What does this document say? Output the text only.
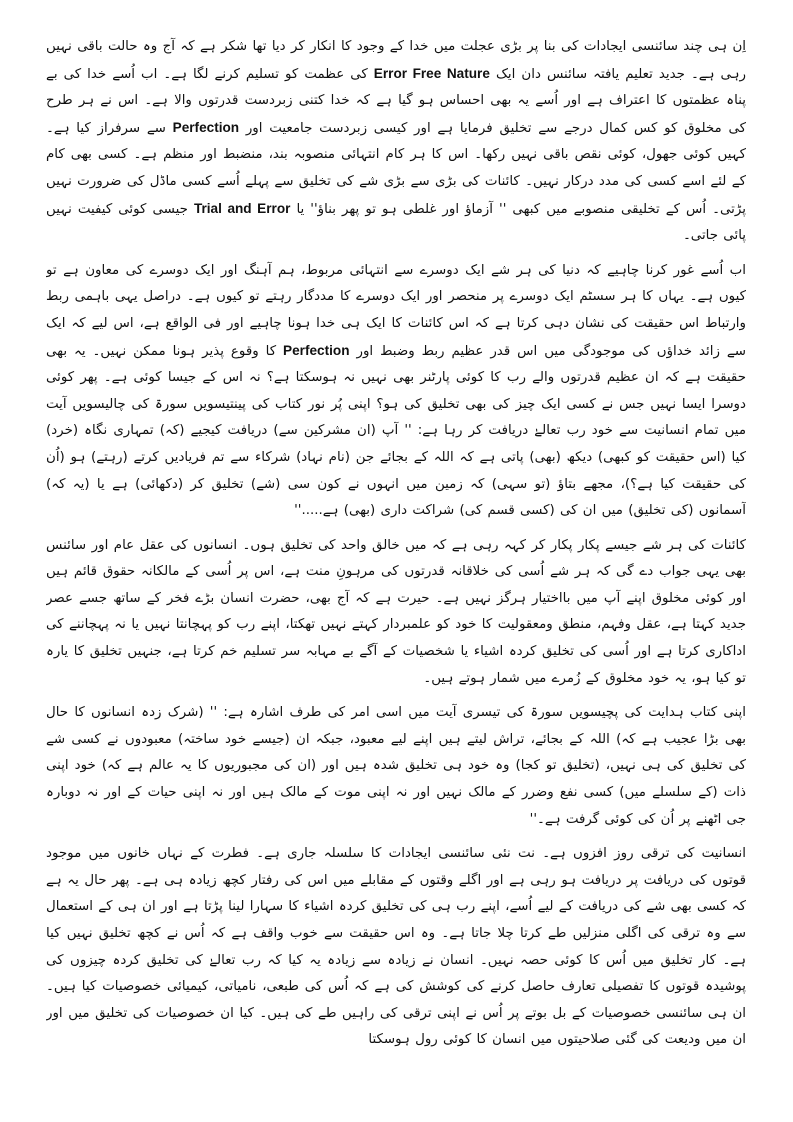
اِن ہی چند سائنسی ایجادات کی بنا پر بڑی عجلت میں خدا کے وجود کا انکار کر دیا تھا شکر ہے کہ آج وہ حالت باقی نہیں رہی ہے۔ جدید تعلیم یافتہ سائنس دان ایک Error Free Nature کی عظمت کو تسلیم کرنے لگا ہے۔ اب اُسے خدا کی بے پناہ عظمتوں کا اعتراف ہے اور اُسے یہ بھی احساس ہو گیا ہے کہ خدا کتنی زبردست قدرتوں والا ہے۔ اس نے ہر طرح کی مخلوق کو کس کمال درجے سے تخلیق فرمایا ہے اور کیسی زبردست جامعیت اور Perfection سے سرفراز کیا ہے۔ کہیں کوئی جھول، کوئی نقص باقی نہیں رکھا۔ اس کا ہر کام انتہائی منصوبہ بند، منضبط اور منظم ہے۔ کسی بھی کام کے لئے اسے کسی کی مدد درکار نہیں۔ کائنات کی بڑی سے بڑی شے کی تخلیق سے پہلے اُسے کسی ماڈل کی ضرورت نہیں پڑتی۔ اُس کے تخلیقی منصوبے میں کبھی '' آزماؤ اور غلطی ہو تو پھر بناؤ'' یا Trial and Error جیسی کوئی کیفیت نہیں پائی جاتی۔

اب اُسے غور کرنا چاہیے کہ دنیا کی ہر شے ایک دوسرے سے انتہائی مربوط، ہم آہنگ اور ایک دوسرے کی معاون ہے تو کیوں ہے۔ یہاں کا ہر سسٹم ایک دوسرے پر منحصر اور ایک دوسرے کا مددگار رہتے تو کیوں ہے۔ دراصل یہی باہمی ربط وارتباط اس حقیقت کی نشان دہی کرتا ہے کہ اس کائنات کا ایک ہی خدا ہونا چاہیے اور فی الواقع ہے، اس لیے کہ ایک سے زائد خداؤں کی موجودگی میں اس قدر عظیم ربط وضبط اور Perfection کا وقوع پذیر ہونا ممکن نہیں۔ یہ بھی حقیقت ہے کہ ان عظیم قدرتوں والے رب کا کوئی پارٹنر بھی نہیں نہ ہوسکتا ہے؟ نہ اس کے جیسا کوئی ہے۔ پھر کوئی دوسرا ایسا نہیں جس نے کسی ایک چیز کی بھی تخلیق کی ہو؟ اپنی پُر نور کتاب کی پینتیسویں سورۃ کی چالیسویں آیت میں تمام انسانیت سے خود رب تعالےٰ دریافت کر رہا ہے: '' آپ (ان مشرکین سے) دریافت کیجیے (کہ) تمہاری نگاہ (خرد) کیا (اس حقیقت کو کبھی) دیکھ (بھی) پاتی ہے کہ اللہ کے بجائے جن (نام نہاد) شرکاء سے تم فریادیں کرتے (رہتے) ہو (اُن کی حقیقت کیا ہے؟)، مجھے بتاؤ (تو سہی) کہ زمین میں انہوں نے کون سی (شے) تخلیق کر (دکھائی) ہے یا (یہ کہ) آسمانوں (کی تخلیق) میں ان کی (کسی قسم کی) شراکت داری (بھی) ہے.....''

کائنات کی ہر شے جیسے پکار پکار کر کہہ رہی ہے کہ میں خالق واحد کی تخلیق ہوں۔ انسانوں کی عقل عام اور سائنس بھی یہی جواب دے گی کہ ہر شے اُسی کی خلاقانہ قدرتوں کی مرہونِ منت ہے، اس پر اُسی کے مالکانہ حقوق قائم ہیں اور کوئی مخلوق اپنے آپ میں بااختیار ہرگز نہیں ہے۔ حیرت ہے کہ آج بھی، حضرت انسان بڑے فخر کے ساتھ جسے عصر جدید کہتا ہے، عقل وفہم، منطق ومعقولیت کا خود کو علمبردار کہتے نہیں تھکتا، اپنے رب کو پہچانتا نہیں یا نہ پہچاننے کی اداکاری کرتا ہے اور اُسی کی تخلیق کردہ اشیاء یا شخصیات کے آگے بے مہابہ سر تسلیم خم کرتا ہے، جنہیں تخلیق کا یارہ تو کیا ہو، یہ خود مخلوق کے زُمرے میں شمار ہوتے ہیں۔

اپنی کتاب ہدایت کی پچیسویں سورۃ کی تیسری آیت میں اسی امر کی طرف اشارہ ہے: '' (شرک زدہ انسانوں کا حال بھی بڑا عجیب ہے کہ) اللہ کے بجائے، تراش لیتے ہیں اپنے لیے معبود، جبکہ ان (جیسے خود ساختہ) معبودوں نے کسی شے کی تخلیق کی ہی نہیں، (تخلیق تو کجا) وہ خود ہی تخلیق شدہ ہیں اور (ان کی مجبوریوں کا یہ عالم ہے کہ) خود اپنی ذات (کے سلسلے میں) کسی نفع وضرر کے مالک نہیں اور نہ اپنی موت کے مالک ہیں اور نہ اپنی حیات کے اور نہ دوبارہ جی اٹھنے پر اُن کی کوئی گرفت ہے۔''

انسانیت کی ترقی روز افزوں ہے۔ نت نئی سائنسی ایجادات کا سلسلہ جاری ہے۔ فطرت کے نہاں خانوں میں موجود قوتوں کی دریافت پر دریافت ہو رہی ہے اور اگلے وقتوں کے مقابلے میں اس کی رفتار کچھ زیادہ ہی ہے۔ پھر حال یہ ہے کہ کسی بھی شے کی دریافت کے لیے اُسے، اپنے رب ہی کی تخلیق کردہ اشیاء کا سہارا لینا پڑتا ہے اور ان ہی کے استعمال سے وہ ترقی کی اگلی منزلیں طے کرتا چلا جاتا ہے۔ وہ اس حقیقت سے خوب واقف ہے کہ اُس نے کچھ تخلیق نہیں کیا ہے۔ کار تخلیق میں اُس کا کوئی حصہ نہیں۔ انسان نے زیادہ سے زیادہ یہ کیا کہ رب تعالےٰ کی تخلیق کردہ چیزوں کی پوشیدہ قوتوں کا تفصیلی تعارف حاصل کرنے کی کوشش کی ہے کہ اُس کی طبعی، نامیاتی، کیمیائی خصوصیات کیا ہیں۔ ان ہی سائنسی خصوصیات کے بل بوتے پر اُس نے اپنی ترقی کی راہیں طے کی ہیں۔ کیا ان خصوصیات کی تخلیق میں اور ان میں ودیعت کی گئی صلاحیتوں میں انسان کا کوئی رول ہوسکتا
